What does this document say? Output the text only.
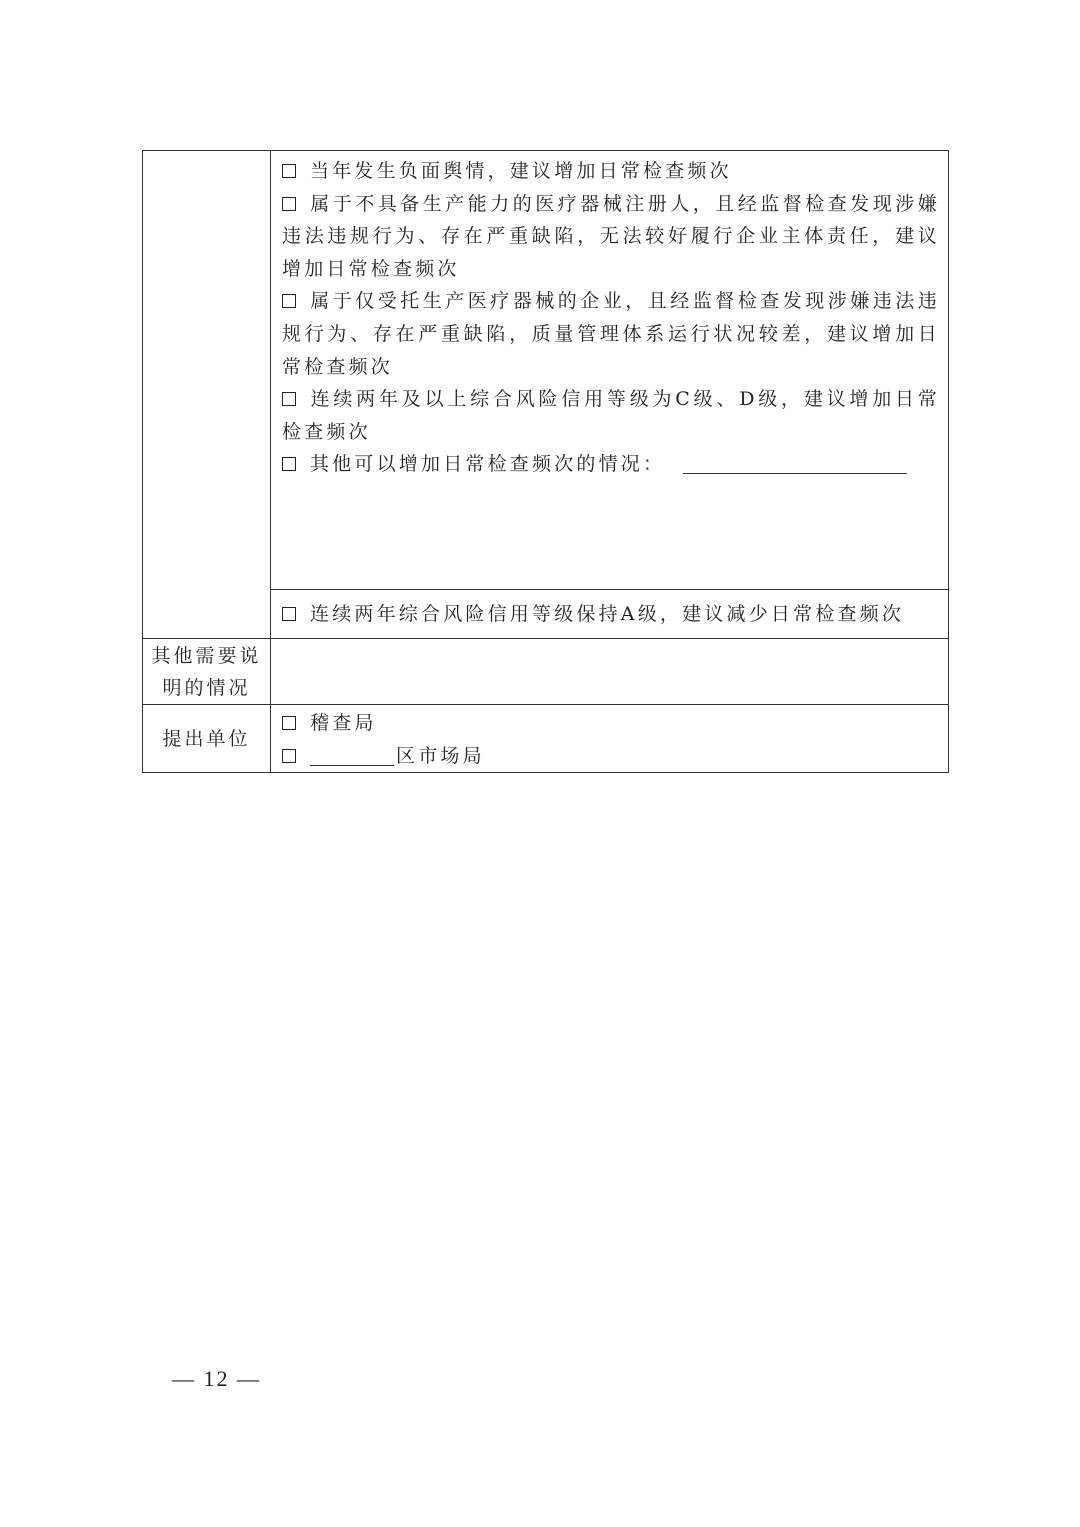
	当年发生负面舆情，建议增加日常检查频次
属于不具备生产能力的医疗器械注册人，且经监督检查发现涉嫌违法违规行为、存在严重缺陷，无法较好履行企业主体责任，建议增加日常检查频次
属于仅受托生产医疗器械的企业，且经监督检查发现涉嫌违法违规行为、存在严重缺陷，质量管理体系运行状况较差，建议增加日常检查频次
连续两年及以上综合风险信用等级为C级、D级，建议增加日常检查频次
其他可以增加日常检查频次的情况：

	连续两年综合风险信用等级保持A级，建议减少日常检查频次

其他需要说
明的情况	

提出单位	稽查局
区市场局
— 12 —
